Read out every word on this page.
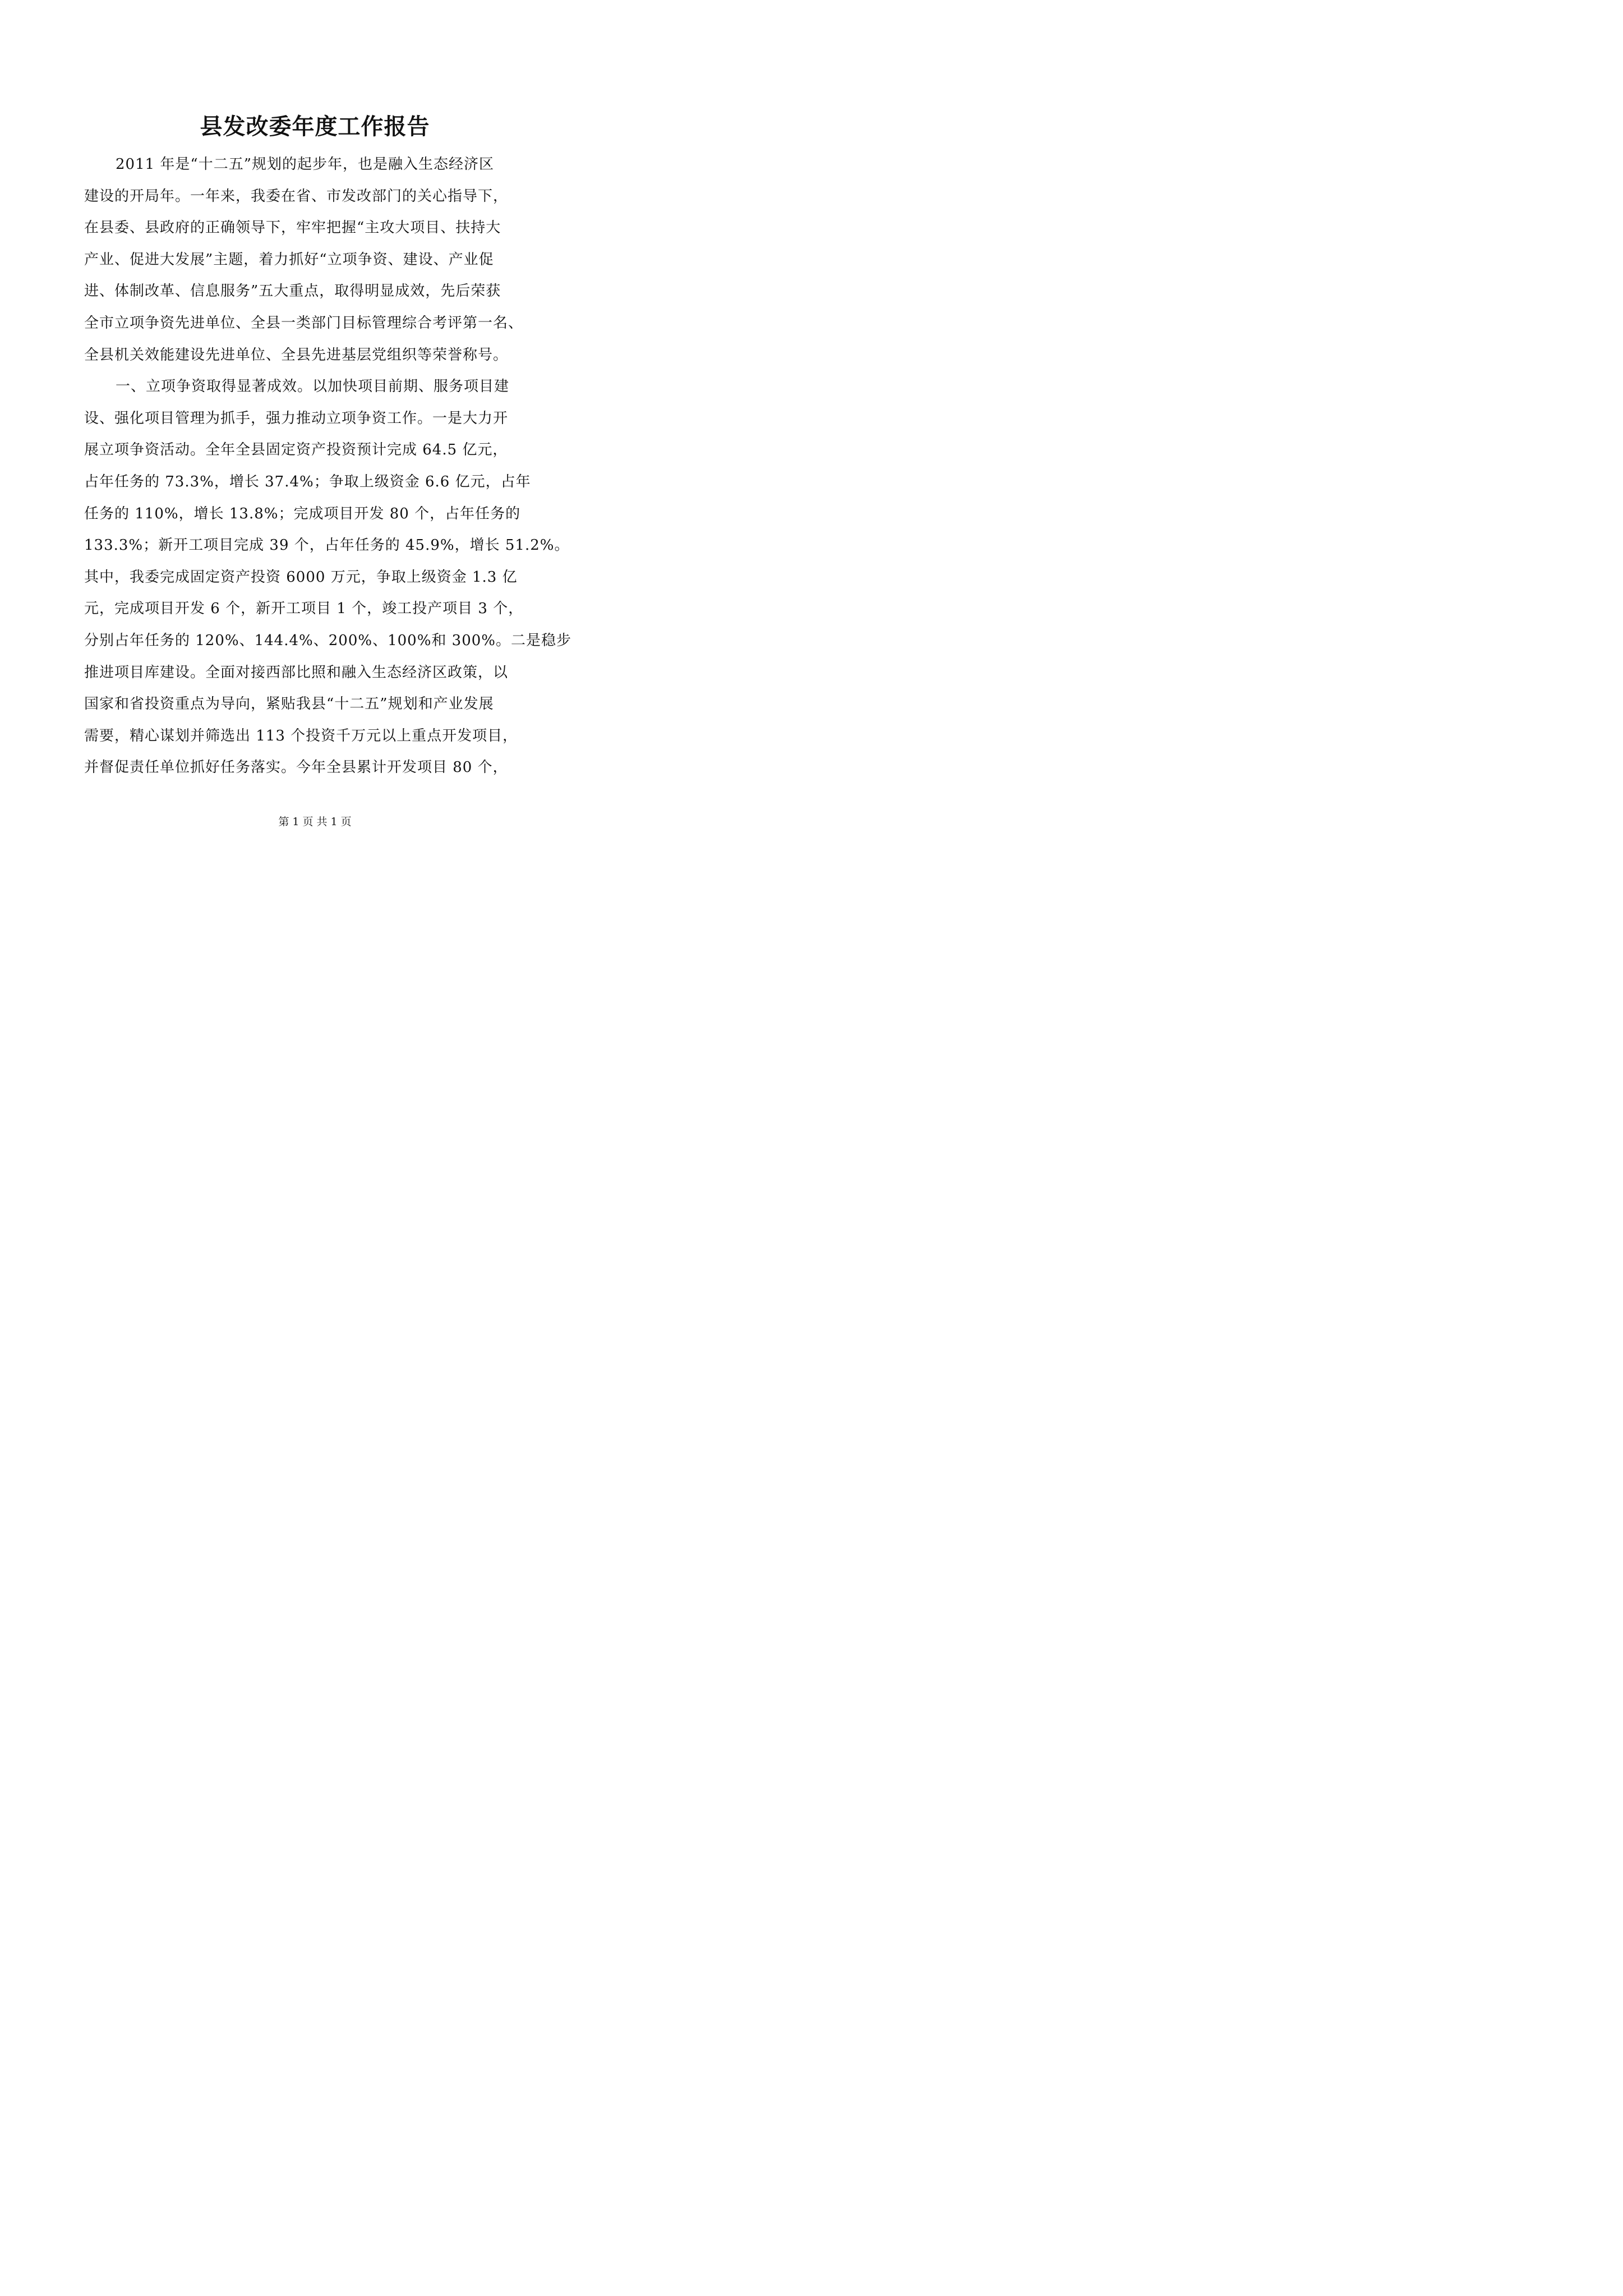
县发改委年度工作报告
2011 年是“十二五”规划的起步年，也是融入生态经济区
建设的开局年。一年来，我委在省、市发改部门的关心指导下，
在县委、县政府的正确领导下，牢牢把握“主攻大项目、扶持大
产业、促进大发展”主题，着力抓好“立项争资、建设、产业促
进、体制改革、信息服务”五大重点，取得明显成效，先后荣获
全市立项争资先进单位、全县一类部门目标管理综合考评第一名、
全县机关效能建设先进单位、全县先进基层党组织等荣誉称号。
一、立项争资取得显著成效。以加快项目前期、服务项目建
设、强化项目管理为抓手，强力推动立项争资工作。一是大力开
展立项争资活动。全年全县固定资产投资预计完成 64.5 亿元，
占年任务的 73.3%，增长 37.4%；争取上级资金 6.6 亿元，占年
任务的 110%，增长 13.8%；完成项目开发 80 个，占年任务的
133.3%；新开工项目完成 39 个，占年任务的 45.9%，增长 51.2%。
其中，我委完成固定资产投资 6000 万元，争取上级资金 1.3 亿
元，完成项目开发 6 个，新开工项目 1 个，竣工投产项目 3 个，
分别占年任务的 120%、144.4%、200%、100%和 300%。二是稳步
推进项目库建设。全面对接西部比照和融入生态经济区政策，以
国家和省投资重点为导向，紧贴我县“十二五”规划和产业发展
需要，精心谋划并筛选出 113 个投资千万元以上重点开发项目，
并督促责任单位抓好任务落实。今年全县累计开发项目 80 个，
第 1 页 共 1 页
